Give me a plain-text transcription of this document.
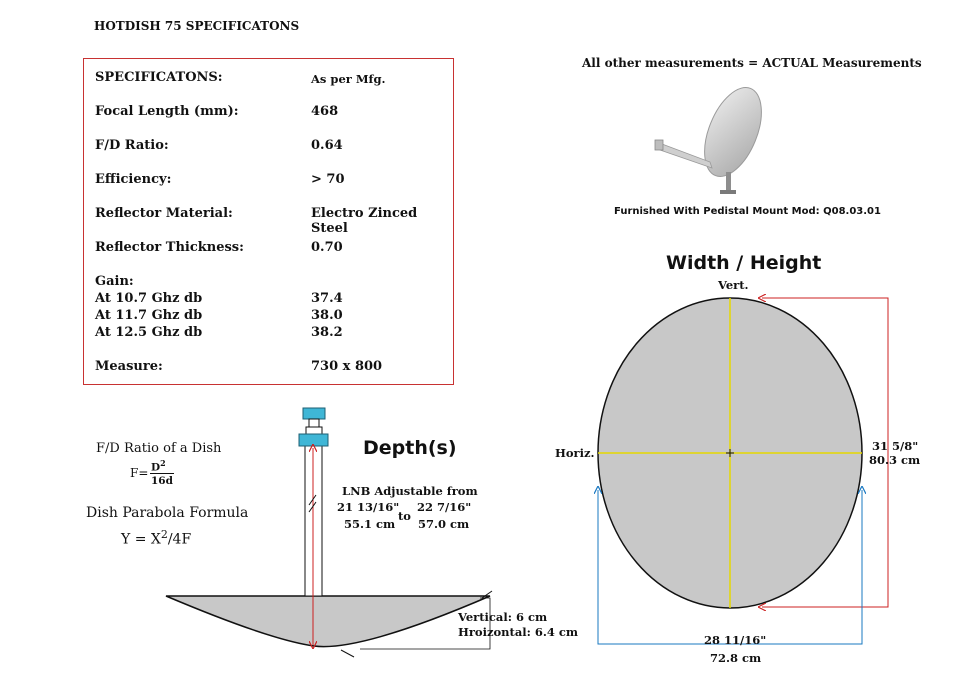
HOTDISH 75 SPECIFICATONS
SPECIFICATONS:	As per Mfg.
Focal Length (mm):	468
F/D Ratio:	0.64
Efficiency:	> 70
Reflector Material:	Electro Zinced Steel
Reflector Thickness:	0.70
Gain:
At 10.7 Ghz db	37.4
At 11.7 Ghz db	38.0
At 12.5 Ghz db	38.2
Measure:	730 x 800
All other measurements = ACTUAL Measurements
Furnished With Pedistal Mount Mod: Q08.03.01
Width / Height
Vert.
Horiz.	31 5/8"
80.3 cm
28 11/16"
72.8 cm
F/D Ratio of a Dish
$F= D^2$
16d
Dish Parabola Formula
$Y = X^2/4F$
Depth(s)
LNB Adjustable from
21 13/16"
55.1 cm
to
22 7/16"
57.0 cm
Vertical: 6 cm
Hroizontal: 6.4 cm
